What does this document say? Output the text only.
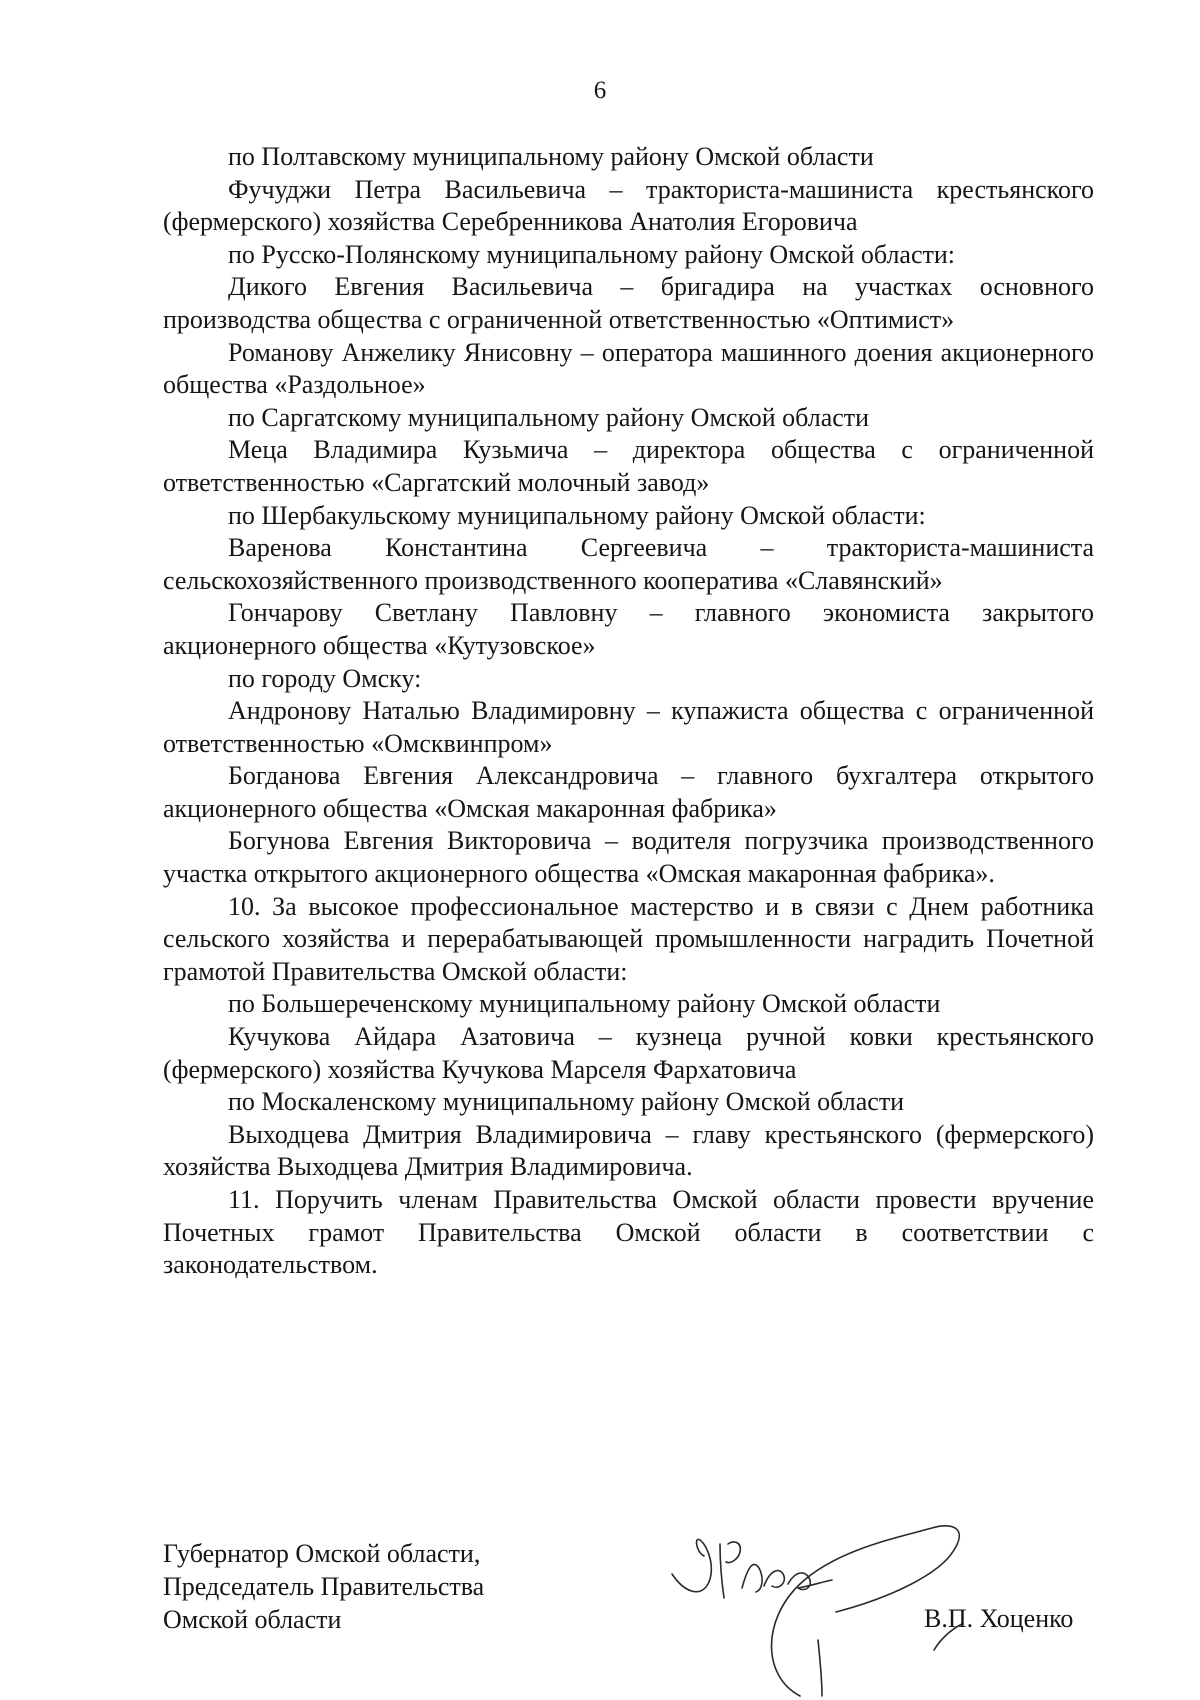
6

по Полтавскому муниципальному району Омской области

Фучуджи Петра Васильевича – тракториста-машиниста крестьянского (фермерского) хозяйства Серебренникова Анатолия Егоровича

по Русско-Полянскому муниципальному району Омской области:

Дикого Евгения Васильевича – бригадира на участках основного производства общества с ограниченной ответственностью «Оптимист»

Романову Анжелику Янисовну – оператора машинного доения акционерного общества «Раздольное»

по Саргатскому муниципальному району Омской области

Меца Владимира Кузьмича – директора общества с ограниченной ответственностью «Саргатский молочный завод»

по Шербакульскому муниципальному району Омской области:

Варенова Константина Сергеевича – тракториста-машиниста сельскохозяйственного производственного кооператива «Славянский»

Гончарову Светлану Павловну – главного экономиста закрытого акционерного общества «Кутузовское»

по городу Омску:

Андронову Наталью Владимировну – купажиста общества с ограниченной ответственностью «Омсквинпром»

Богданова Евгения Александровича – главного бухгалтера открытого акционерного общества «Омская макаронная фабрика»

Богунова Евгения Викторовича – водителя погрузчика производственного участка открытого акционерного общества «Омская макаронная фабрика».

10. За высокое профессиональное мастерство и в связи с Днем работника сельского хозяйства и перерабатывающей промышленности наградить Почетной грамотой Правительства Омской области:

по Большереченскому муниципальному району Омской области

Кучукова Айдара Азатовича – кузнеца ручной ковки крестьянского (фермерского) хозяйства Кучукова Марселя Фархатовича

по Москаленскому муниципальному району Омской области

Выходцева Дмитрия Владимировича – главу крестьянского (фермерского) хозяйства Выходцева Дмитрия Владимировича.

11. Поручить членам Правительства Омской области провести вручение Почетных грамот Правительства Омской области в соответствии с законодательством.

Губернатор Омской области,
Председатель Правительства
Омской области	В.П. Хоценко
